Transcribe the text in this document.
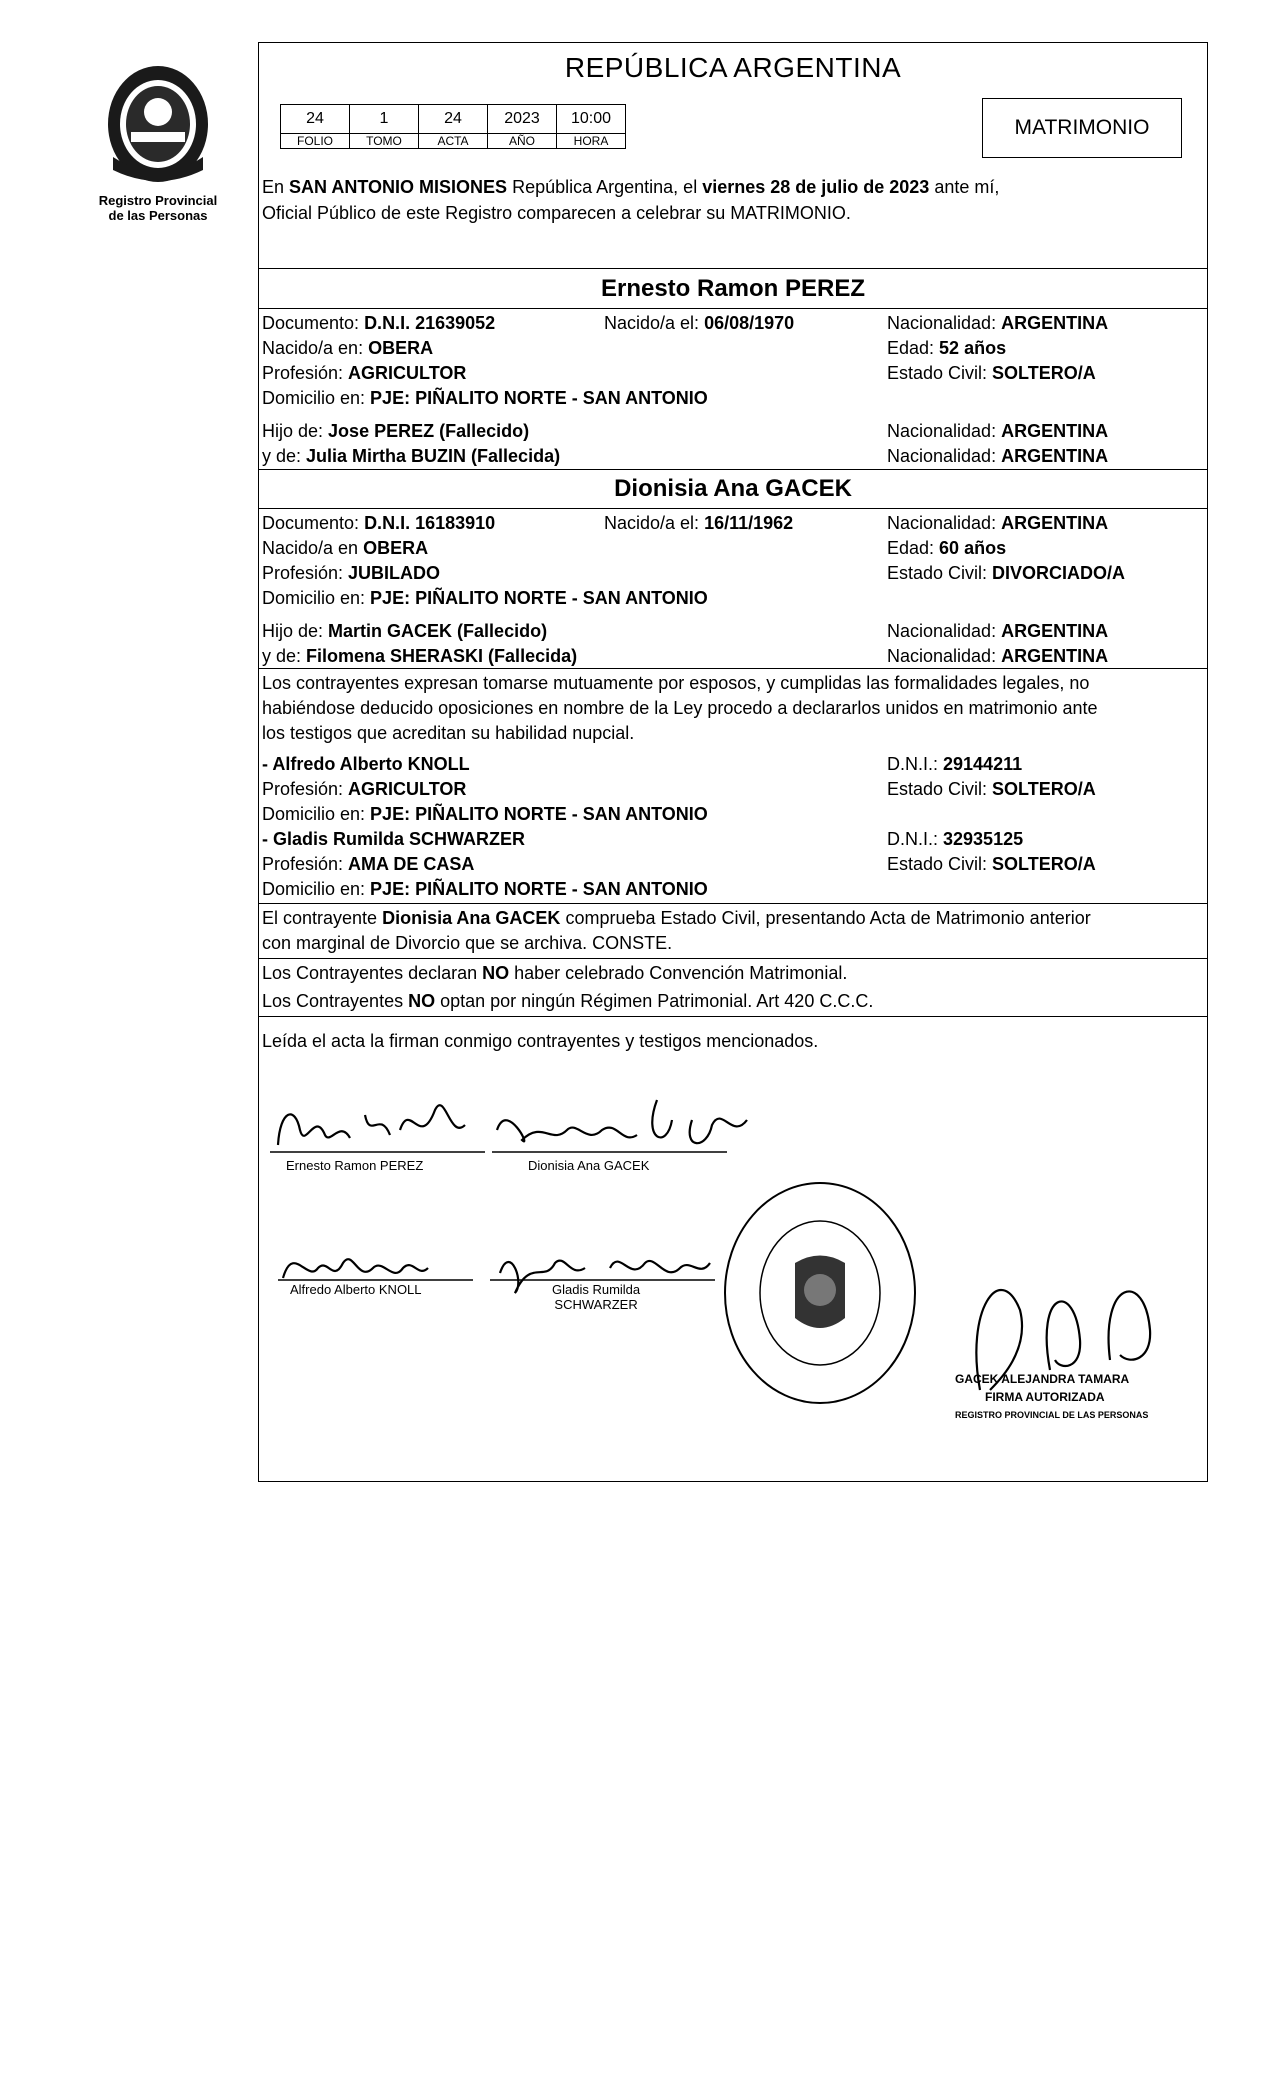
Registro Provincial
de las Personas
REPÚBLICA ARGENTINA
24	1	24	2023	10:00
FOLIO	TOMO	ACTA	AÑO	HORA
MATRIMONIO
En SAN ANTONIO MISIONES República Argentina, el viernes 28 de julio de 2023 ante mí,
Oficial Público de este Registro comparecen a celebrar su MATRIMONIO.
Ernesto Ramon PEREZ
Documento: D.N.I. 21639052	Nacido/a el: 06/08/1970	Nacionalidad: ARGENTINA
Nacido/a en: OBERA	Edad: 52 años
Profesión: AGRICULTOR	Estado Civil: SOLTERO/A
Domicilio en: PJE: PIÑALITO NORTE - SAN ANTONIO
Hijo de: Jose PEREZ (Fallecido)	Nacionalidad: ARGENTINA
y de: Julia Mirtha BUZIN (Fallecida)	Nacionalidad: ARGENTINA
Dionisia Ana GACEK
Documento: D.N.I. 16183910	Nacido/a el: 16/11/1962	Nacionalidad: ARGENTINA
Nacido/a en OBERA	Edad: 60 años
Profesión: JUBILADO	Estado Civil: DIVORCIADO/A
Domicilio en: PJE: PIÑALITO NORTE - SAN ANTONIO
Hijo de: Martin GACEK (Fallecido)	Nacionalidad: ARGENTINA
y de: Filomena SHERASKI (Fallecida)	Nacionalidad: ARGENTINA
Los contrayentes expresan tomarse mutuamente por esposos, y cumplidas las formalidades legales, no
habiéndose deducido oposiciones en nombre de la Ley procedo a declararlos unidos en matrimonio ante
los testigos que acreditan su habilidad nupcial.
- Alfredo Alberto KNOLL	D.N.I.: 29144211
Profesión: AGRICULTOR	Estado Civil: SOLTERO/A
Domicilio en: PJE: PIÑALITO NORTE - SAN ANTONIO
- Gladis Rumilda SCHWARZER	D.N.I.: 32935125
Profesión: AMA DE CASA	Estado Civil: SOLTERO/A
Domicilio en: PJE: PIÑALITO NORTE - SAN ANTONIO
El contrayente Dionisia Ana GACEK comprueba Estado Civil, presentando Acta de Matrimonio anterior
con marginal de Divorcio que se archiva. CONSTE.
Los Contrayentes declaran NO haber celebrado Convención Matrimonial.
Los Contrayentes NO optan por ningún Régimen Patrimonial. Art 420 C.C.C.
Leída el acta la firman conmigo contrayentes y testigos mencionados.
Ernesto Ramon PEREZ	Dionisia Ana GACEK
Alfredo Alberto KNOLL	Gladis Rumilda
SCHWARZER
GACEK ALEJANDRA TAMARA
FIRMA AUTORIZADA
REGISTRO PROVINCIAL DE LAS PERSONAS
